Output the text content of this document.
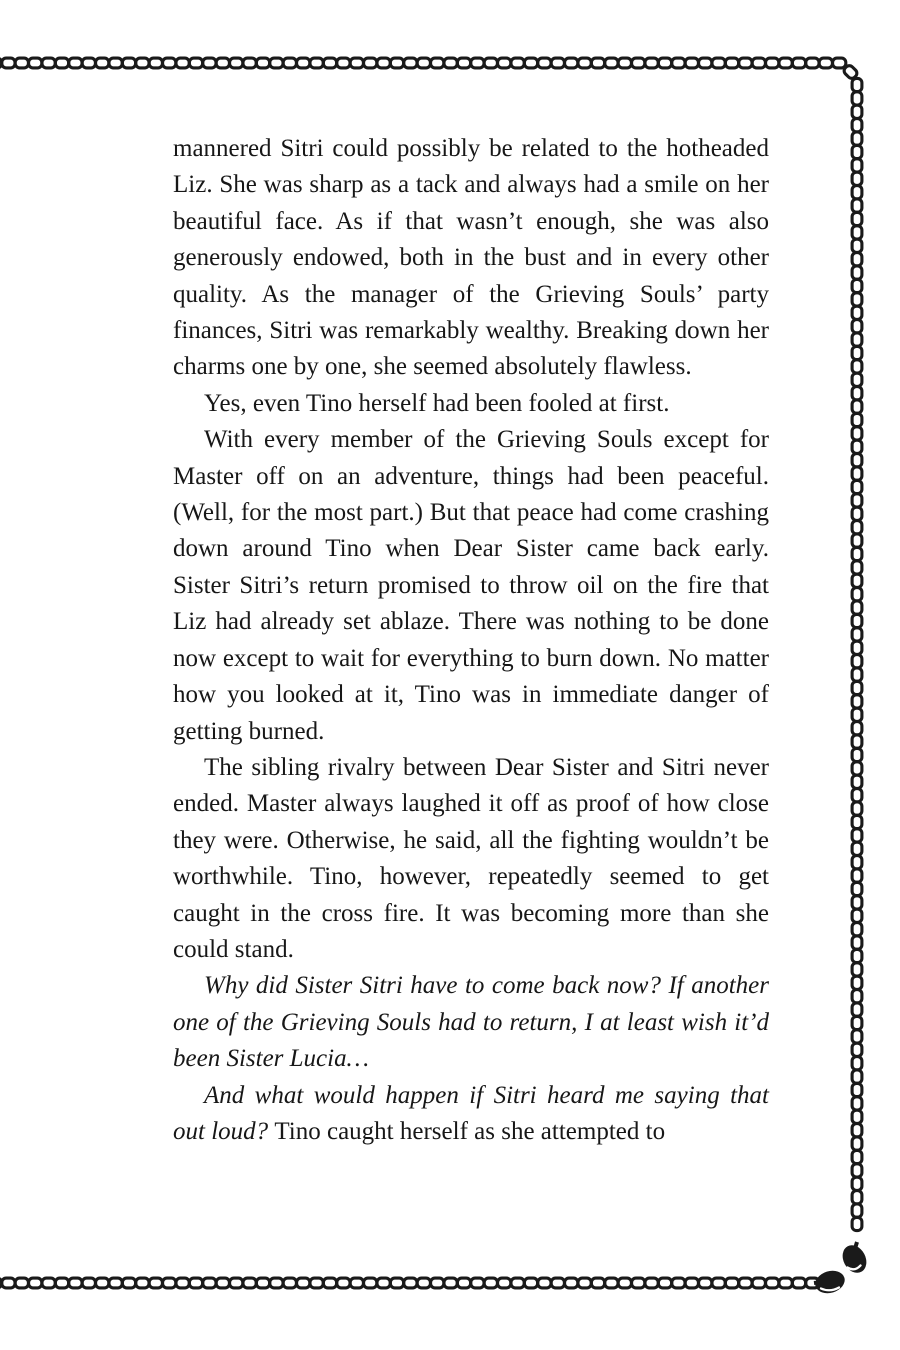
mannered Sitri could possibly be related to the hotheaded Liz. She was sharp as a tack and always had a smile on her beautiful face. As if that wasn’t enough, she was also generously endowed, both in the bust and in every other quality. As the manager of the Grieving Souls’ party finances, Sitri was remarkably wealthy. Breaking down her charms one by one, she seemed absolutely flawless.

Yes, even Tino herself had been fooled at first.

With every member of the Grieving Souls except for Master off on an adventure, things had been peaceful. (Well, for the most part.) But that peace had come crashing down around Tino when Dear Sister came back early. Sister Sitri’s return promised to throw oil on the fire that Liz had already set ablaze. There was nothing to be done now except to wait for everything to burn down. No matter how you looked at it, Tino was in immediate danger of getting burned.

The sibling rivalry between Dear Sister and Sitri never ended. Master always laughed it off as proof of how close they were. Otherwise, he said, all the fighting wouldn’t be worthwhile. Tino, however, repeatedly seemed to get caught in the cross fire. It was becoming more than she could stand.

Why did Sister Sitri have to come back now? If another one of the Grieving Souls had to return, I at least wish it’d been Sister Lucia…

And what would happen if Sitri heard me saying that out loud? Tino caught herself as she attempted to
